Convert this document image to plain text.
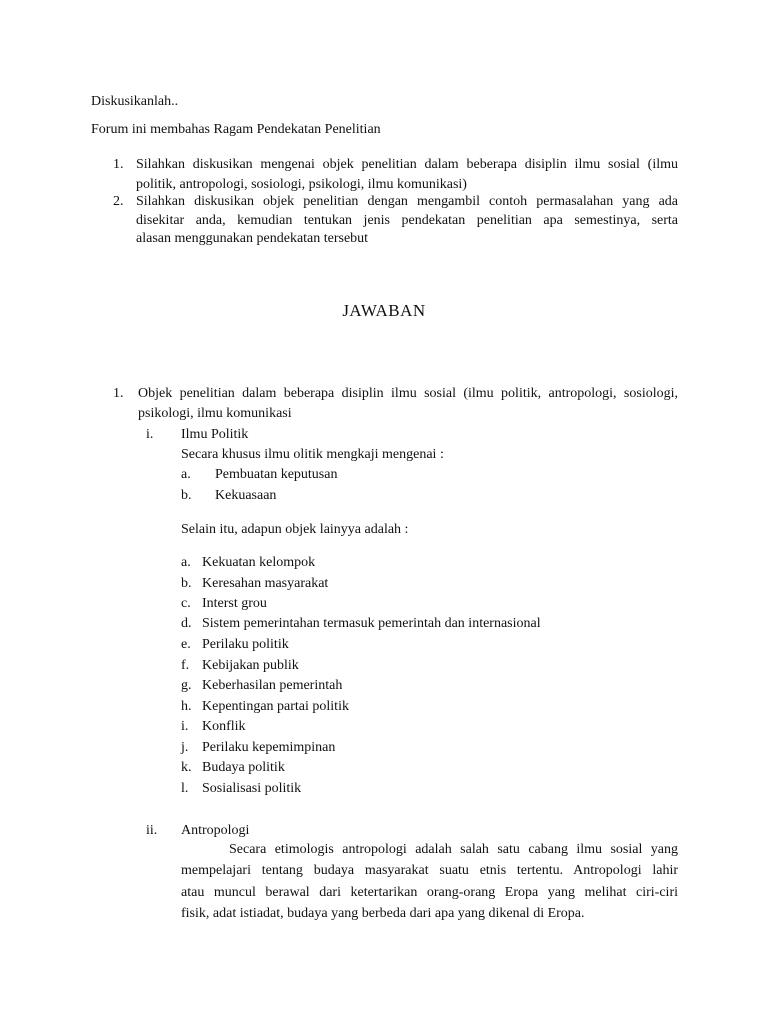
Diskusikanlah..
Forum ini membahas Ragam Pendekatan Penelitian
1. Silahkan diskusikan mengenai objek penelitian dalam beberapa disiplin ilmu sosial (ilmu
politik, antropologi, sosiologi, psikologi, ilmu komunikasi)
2. Silahkan diskusikan objek penelitian dengan mengambil contoh permasalahan yang ada
disekitar anda, kemudian tentukan jenis pendekatan penelitian apa semestinya, serta
alasan menggunakan pendekatan tersebut
JAWABAN
1. Objek penelitian dalam beberapa disiplin ilmu sosial (ilmu politik, antropologi, sosiologi,
psikologi, ilmu komunikasi
i. Ilmu Politik
Secara khusus ilmu olitik mengkaji mengenai :
a. Pembuatan keputusan
b. Kekuasaan
Selain itu, adapun objek lainyya adalah :
a. Kekuatan kelompok
b. Keresahan masyarakat
c. Interst grou
d. Sistem pemerintahan termasuk pemerintah dan internasional
e. Perilaku politik
f. Kebijakan publik
g. Keberhasilan pemerintah
h. Kepentingan partai politik
i. Konflik
j. Perilaku kepemimpinan
k. Budaya politik
l. Sosialisasi politik
ii. Antropologi
Secara etimologis antropologi adalah salah satu cabang ilmu sosial yang
mempelajari tentang budaya masyarakat suatu etnis tertentu. Antropologi lahir
atau muncul berawal dari ketertarikan orang-orang Eropa yang melihat ciri-ciri
fisik, adat istiadat, budaya yang berbeda dari apa yang dikenal di Eropa.
